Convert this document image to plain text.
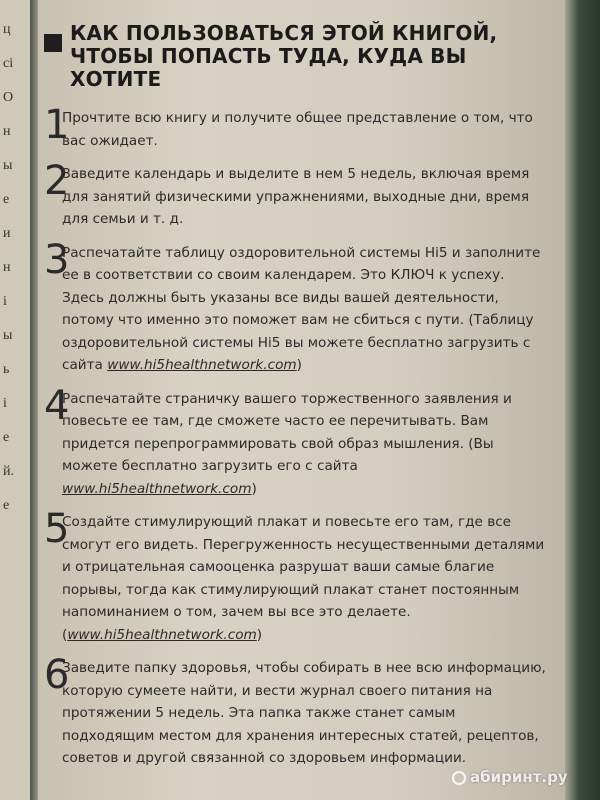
ц
ci
O
н
ы
e
и
н
i
ы
ь
i
e
й.
e
КАК ПОЛЬЗОВАТЬСЯ ЭТОЙ КНИГОЙ,
ЧТОБЫ ПОПАСТЬ ТУДА, КУДА ВЫ ХОТИТЕ
1
Прочтите всю книгу и получите общее представление о том, что вас ожидает.
2
Заведите календарь и выделите в нем 5 недель, включая время для занятий физическими упражнениями, выходные дни, время для семьи и т. д.
3
Распечатайте таблицу оздоровительной системы Hi5 и заполните ее в соответствии со своим календарем. Это КЛЮЧ к успеху. Здесь должны быть указаны все виды вашей деятельности, потому что именно это поможет вам не сбиться с пути. (Таблицу оздоровительной системы Hi5 вы можете бесплатно загрузить с сайта www.hi5healthnetwork.com)
4
Распечатайте страничку вашего торжественного заявления и повесьте ее там, где сможете часто ее перечитывать. Вам придется перепрограммировать свой образ мышления. (Вы можете бесплатно загрузить его с сайта www.hi5healthnetwork.com)
5
Создайте стимулирующий плакат и повесьте его там, где все смогут его видеть. Перегруженность несущественными деталями и отрицательная самооценка разрушат ваши самые благие порывы, тогда как стимулирующий плакат станет постоянным напоминанием о том, зачем вы все это делаете. (www.hi5healthnetwork.com)
6
Заведите папку здоровья, чтобы собирать в нее всю информацию, которую сумеете найти, и вести журнал своего питания на протяжении 5 недель. Эта папка также станет самым подходящим местом для хранения интересных статей, рецептов, советов и другой связанной со здоровьем информации.
абиринт.ру
